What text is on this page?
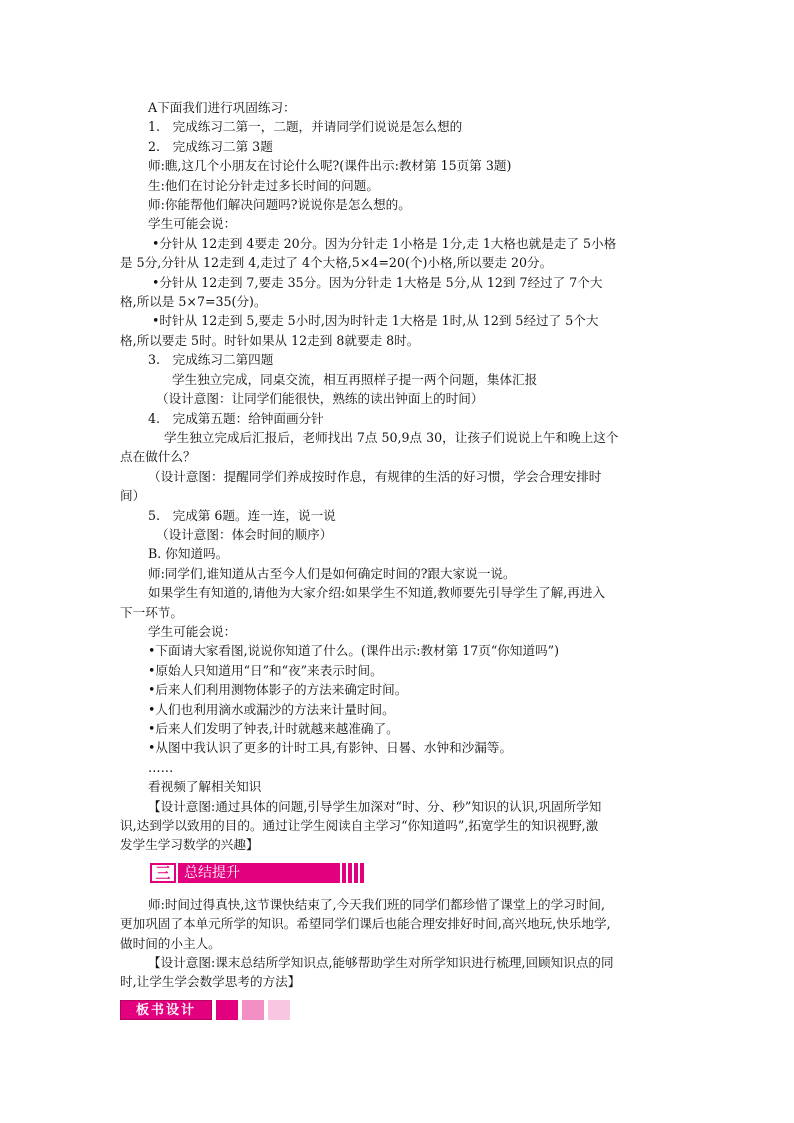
A下面我们进行巩固练习：
1.　完成练习二第一，二题，并请同学们说说是怎么想的
2.　完成练习二第 3题
师:瞧,这几个小朋友在讨论什么呢?(课件出示:教材第 15页第 3题)
生:他们在讨论分针走过多长时间的问题。
师:你能帮他们解决问题吗?说说你是怎么想的。
学生可能会说：
•分针从 12走到 4要走 20分。因为分针走 1小格是 1分,走 1大格也就是走了 5小格
是 5分,分针从 12走到 4,走过了 4个大格,5×4=20(个)小格,所以要走 20分。
•分针从 12走到 7,要走 35分。因为分针走 1大格是 5分,从 12到 7经过了 7个大
格,所以是 5×7=35(分)。
•时针从 12走到 5,要走 5小时,因为时针走 1大格是 1时,从 12到 5经过了 5个大
格,所以要走 5时。时针如果从 12走到 8就要走 8时。
3.　完成练习二第四题
学生独立完成，同桌交流，相互再照样子提一两个问题，集体汇报
（设计意图：让同学们能很快，熟练的读出钟面上的时间）
4.　完成第五题：给钟面画分针
学生独立完成后汇报后，老师找出 7点 50,9点 30，让孩子们说说上午和晚上这个
点在做什么？
（设计意图：提醒同学们养成按时作息，有规律的生活的好习惯，学会合理安排时
间）
5.　完成第 6题。连一连，说一说
（设计意图：体会时间的顺序）
B. 你知道吗。
师:同学们,谁知道从古至今人们是如何确定时间的?跟大家说一说。
如果学生有知道的,请他为大家介绍:如果学生不知道,教师要先引导学生了解,再进入
下一环节。
学生可能会说：
•下面请大家看图,说说你知道了什么。(课件出示:教材第 17页“你知道吗”)
•原始人只知道用“日”和“夜”来表示时间。
•后来人们利用测物体影子的方法来确定时间。
•人们也利用滴水或漏沙的方法来计量时间。
•后来人们发明了钟表,计时就越来越准确了。
•从图中我认识了更多的计时工具,有影钟、日晷、水钟和沙漏等。
……
看视频了解相关知识
【设计意图:通过具体的问题,引导学生加深对“时、分、秒”知识的认识,巩固所学知
识,达到学以致用的目的。通过让学生阅读自主学习“你知道吗”,拓宽学生的知识视野,激
发学生学习数学的兴趣】
三 总结提升
师:时间过得真快,这节课快结束了,今天我们班的同学们都珍惜了课堂上的学习时间,
更加巩固了本单元所学的知识。希望同学们课后也能合理安排好时间,高兴地玩,快乐地学,
做时间的小主人。
【设计意图:课末总结所学知识点,能够帮助学生对所学知识进行梳理,回顾知识点的同
时,让学生学会数学思考的方法】
板书设计
